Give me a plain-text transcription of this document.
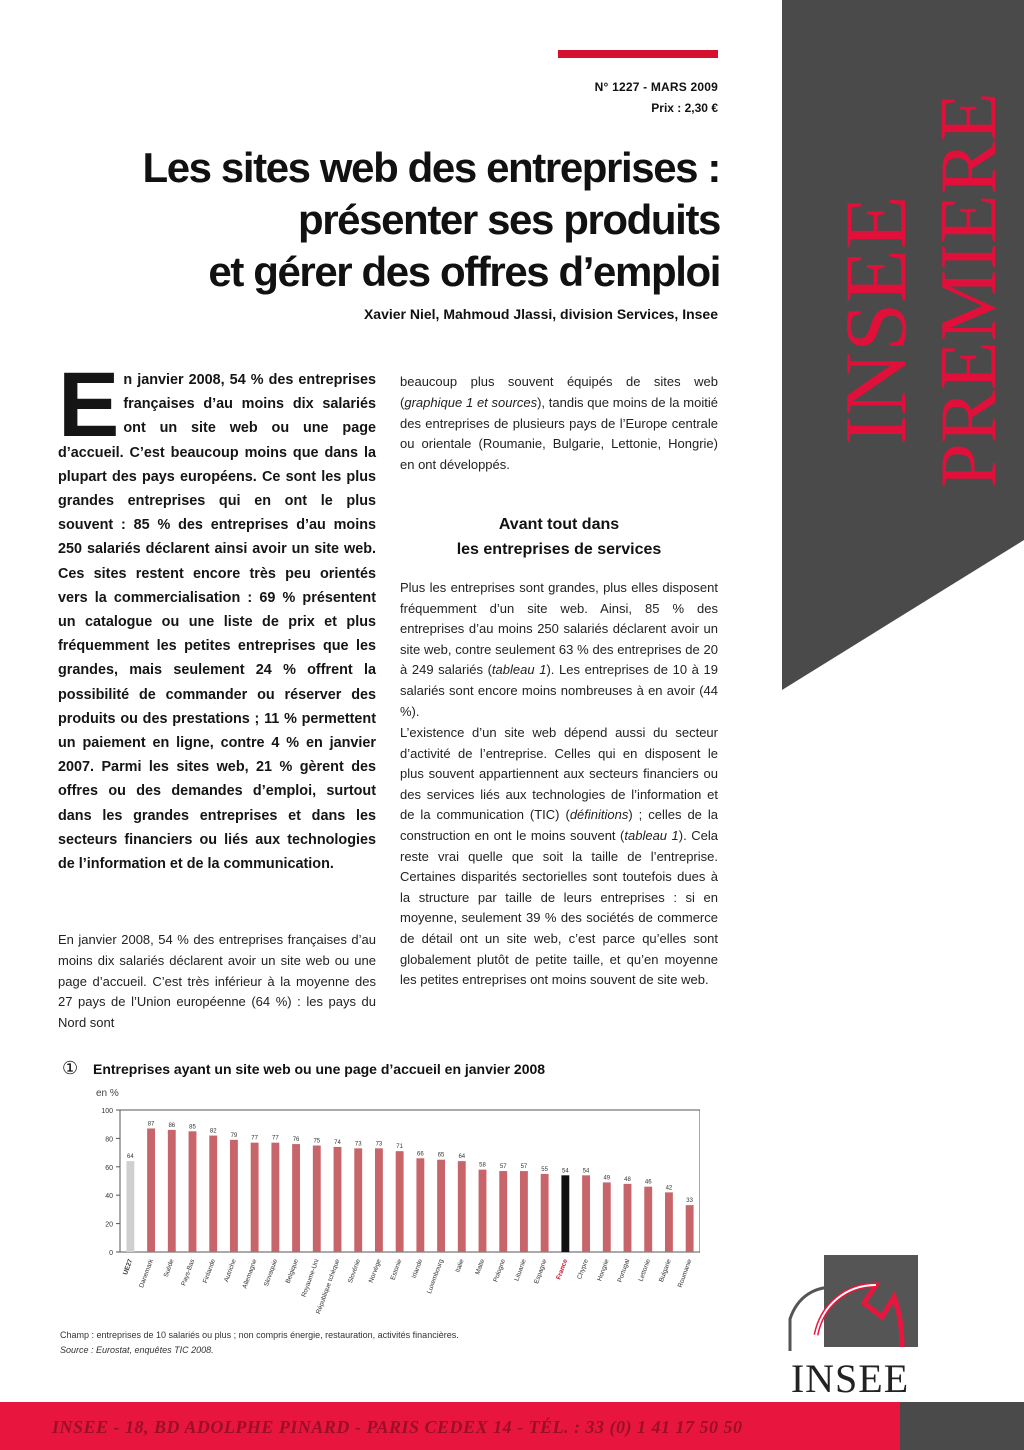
INSEE PREMIERE
N° 1227 - MARS 2009
Prix : 2,30 €
Les sites web des entreprises :
présenter ses produits
et gérer des offres d’emploi
Xavier Niel, Mahmoud Jlassi, division Services, Insee

En janvier 2008, 54 % des entreprises françaises d’au moins dix salariés ont un site web ou une page d’accueil. C’est beaucoup moins que dans la plupart des pays européens. Ce sont les plus grandes entreprises qui en ont le plus souvent : 85 % des entreprises d’au moins 250 salariés déclarent ainsi avoir un site web. Ces sites restent encore très peu orientés vers la commercialisation : 69 % présentent un catalogue ou une liste de prix et plus fréquemment les petites entreprises que les grandes, mais seulement 24 % offrent la possibilité de commander ou réserver des produits ou des prestations ; 11 % permettent un paiement en ligne, contre 4 % en janvier 2007. Parmi les sites web, 21 % gèrent des offres ou des demandes d’emploi, surtout dans les grandes entreprises et dans les secteurs financiers ou liés aux technologies de l’information et de la communication.

En janvier 2008, 54 % des entreprises françaises d’au moins dix salariés déclarent avoir un site web ou une page d’accueil. C’est très inférieur à la moyenne des 27 pays de l’Union européenne (64 %) : les pays du Nord sont

beaucoup plus souvent équipés de sites web (graphique 1 et sources), tandis que moins de la moitié des entreprises de plusieurs pays de l’Europe centrale ou orientale (Roumanie, Bulgarie, Lettonie, Hongrie) en ont développés.

Avant tout dans
les entreprises de services

Plus les entreprises sont grandes, plus elles disposent fréquemment d’un site web. Ainsi, 85 % des entreprises d’au moins 250 salariés déclarent avoir un site web, contre seulement 63 % des entreprises de 20 à 249 salariés (tableau 1). Les entreprises de 10 à 19 salariés sont encore moins nombreuses à en avoir (44 %).

L’existence d’un site web dépend aussi du secteur d’activité de l’entreprise. Celles qui en disposent le plus souvent appartiennent aux secteurs financiers ou des services liés aux technologies de l’information et de la communication (TIC) (définitions) ; celles de la construction en ont le moins souvent (tableau 1). Cela reste vrai quelle que soit la taille de l’entreprise. Certaines disparités sectorielles sont toutefois dues à la structure par taille de leurs entreprises : si en moyenne, seulement 39 % des sociétés de commerce de détail ont un site web, c’est parce qu’elles sont globalement plutôt de petite taille, et qu’en moyenne les petites entreprises ont moins souvent de site web.

① Entreprises ayant un site web ou une page d’accueil en janvier 2008
en %
0
20
40
60
80
100
64
UE27
87
Danemark
86
Suède
85
Pays-Bas
82
Finlande
79
Autriche
77
Allemagne
77
Slovaquie
76
Belgique
75
Royaume-Uni
74
République tchèque
73
Slovénie
73
Norvège
71
Estonie
66
Irlande
65
Luxembourg
64
Italie
58
Malte
57
Pologne
57
Lituanie
55
Espagne
54
France
54
Chypre
49
Hongrie
48
Portugal
46
Lettonie
42
Bulgarie
33
Roumanie
Champ : entreprises de 10 salariés ou plus ; non compris énergie, restauration, activités financières.
Source : Eurostat, enquêtes TIC 2008.
INSEE
INSEE - 18, BD ADOLPHE PINARD - PARIS CEDEX 14 - TÉL. : 33 (0) 1 41 17 50 50
